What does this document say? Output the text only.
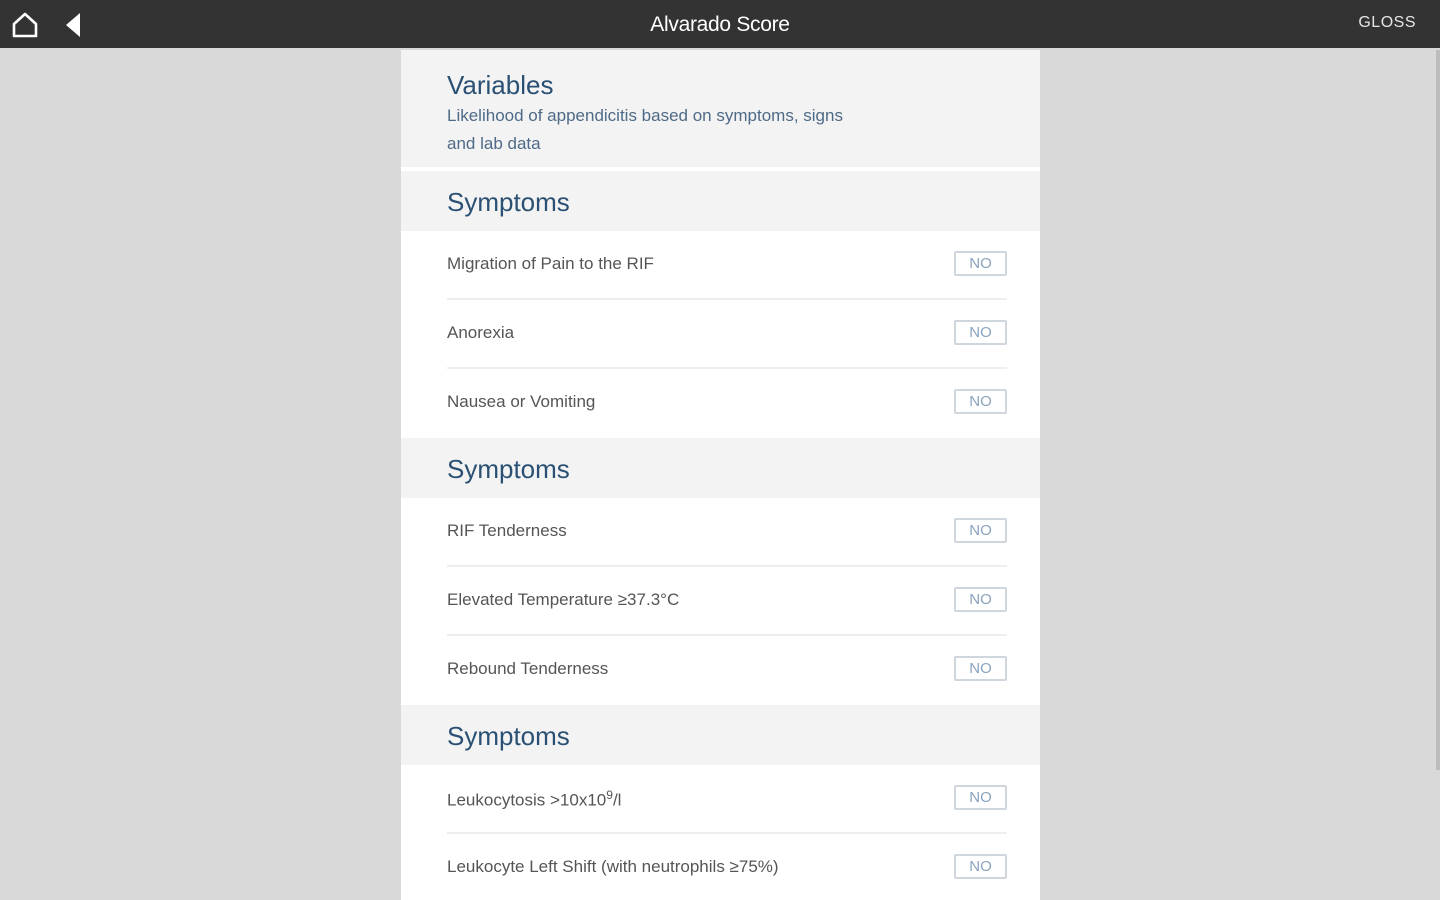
Alvarado Score	GLOSS
Variables
Likelihood of appendicitis based on symptoms, signs and lab data
Symptoms
Migration of Pain to the RIF	NO
Anorexia	NO
Nausea or Vomiting	NO
Symptoms
RIF Tenderness	NO
Elevated Temperature ≥37.3°C	NO
Rebound Tenderness	NO
Symptoms
Leukocytosis $>10x10^9/l$	NO
Leukocyte Left Shift (with neutrophils ≥75%)	NO
